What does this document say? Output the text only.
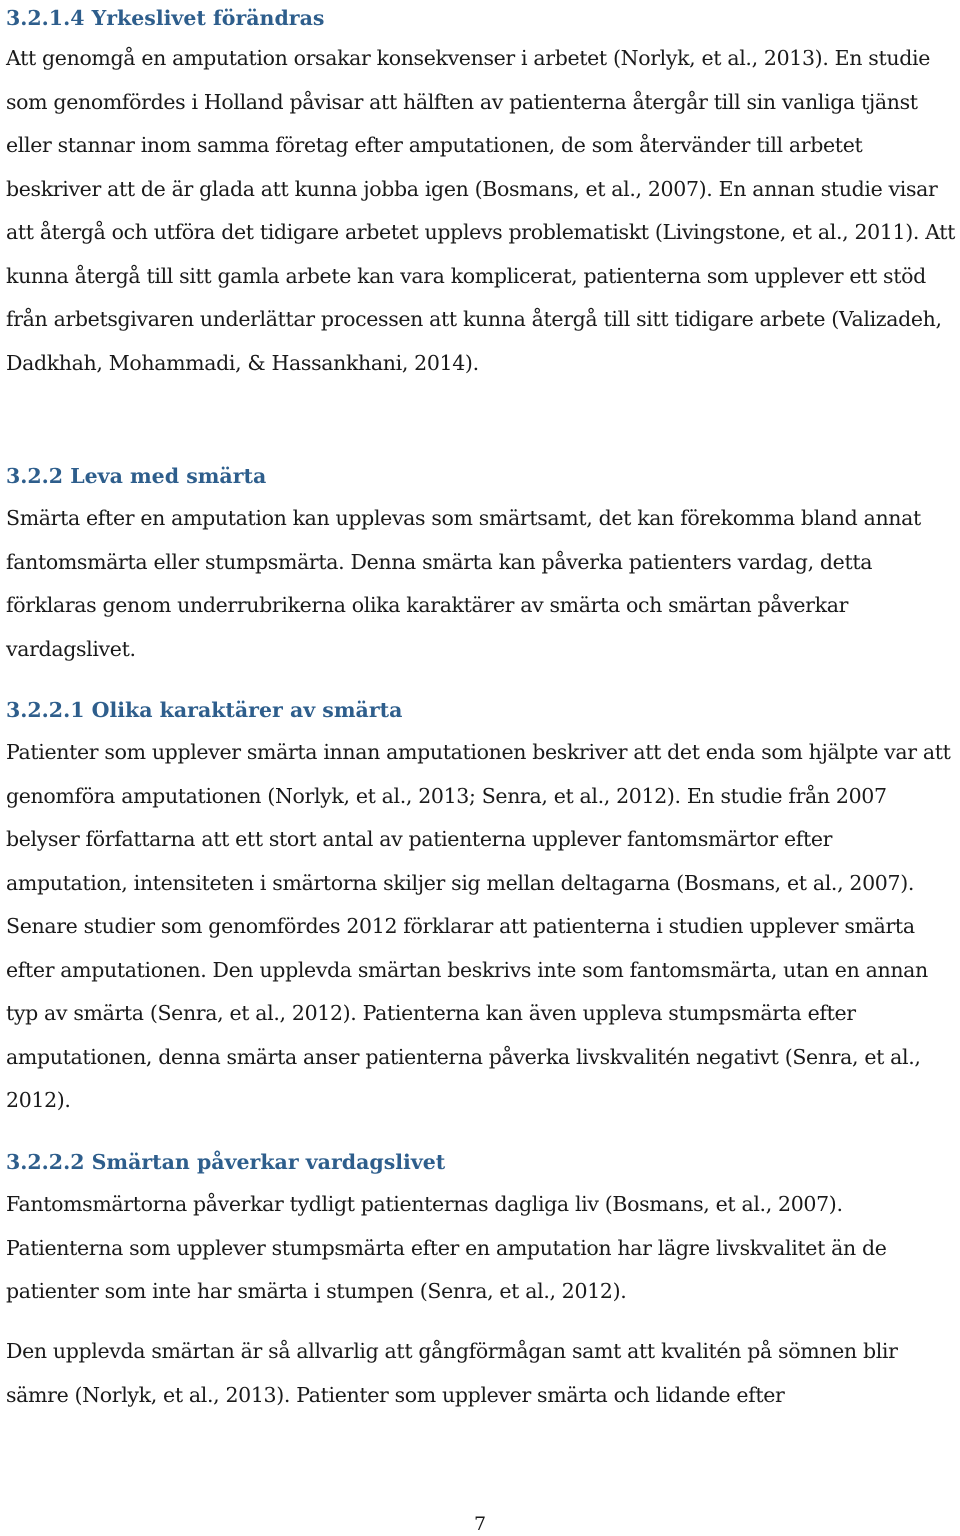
3.2.1.4 Yrkeslivet förändras

Att genomgå en amputation orsakar konsekvenser i arbetet (Norlyk, et al., 2013). En studie som genomfördes i Holland påvisar att hälften av patienterna återgår till sin vanliga tjänst eller stannar inom samma företag efter amputationen, de som återvänder till arbetet beskriver att de är glada att kunna jobba igen (Bosmans, et al., 2007). En annan studie visar att återgå och utföra det tidigare arbetet upplevs problematiskt (Livingstone, et al., 2011). Att kunna återgå till sitt gamla arbete kan vara komplicerat, patienterna som upplever ett stöd från arbetsgivaren underlättar processen att kunna återgå till sitt tidigare arbete (Valizadeh, Dadkhah, Mohammadi, & Hassankhani, 2014).

3.2.2 Leva med smärta

Smärta efter en amputation kan upplevas som smärtsamt, det kan förekomma bland annat fantomsmärta eller stumpsmärta. Denna smärta kan påverka patienters vardag, detta förklaras genom underrubrikerna olika karaktärer av smärta och smärtan påverkar vardagslivet.

3.2.2.1 Olika karaktärer av smärta

Patienter som upplever smärta innan amputationen beskriver att det enda som hjälpte var att genomföra amputationen (Norlyk, et al., 2013; Senra, et al., 2012). En studie från 2007 belyser författarna att ett stort antal av patienterna upplever fantomsmärtor efter amputation, intensiteten i smärtorna skiljer sig mellan deltagarna (Bosmans, et al., 2007). Senare studier som genomfördes 2012 förklarar att patienterna i studien upplever smärta efter amputationen. Den upplevda smärtan beskrivs inte som fantomsmärta, utan en annan typ av smärta (Senra, et al., 2012). Patienterna kan även uppleva stumpsmärta efter amputationen, denna smärta anser patienterna påverka livskvalitén negativt (Senra, et al., 2012).

3.2.2.2 Smärtan påverkar vardagslivet

Fantomsmärtorna påverkar tydligt patienternas dagliga liv (Bosmans, et al., 2007). Patienterna som upplever stumpsmärta efter en amputation har lägre livskvalitet än de patienter som inte har smärta i stumpen (Senra, et al., 2012).

Den upplevda smärtan är så allvarlig att gångförmågan samt att kvalitén på sömnen blir sämre (Norlyk, et al., 2013). Patienter som upplever smärta och lidande efter

7
